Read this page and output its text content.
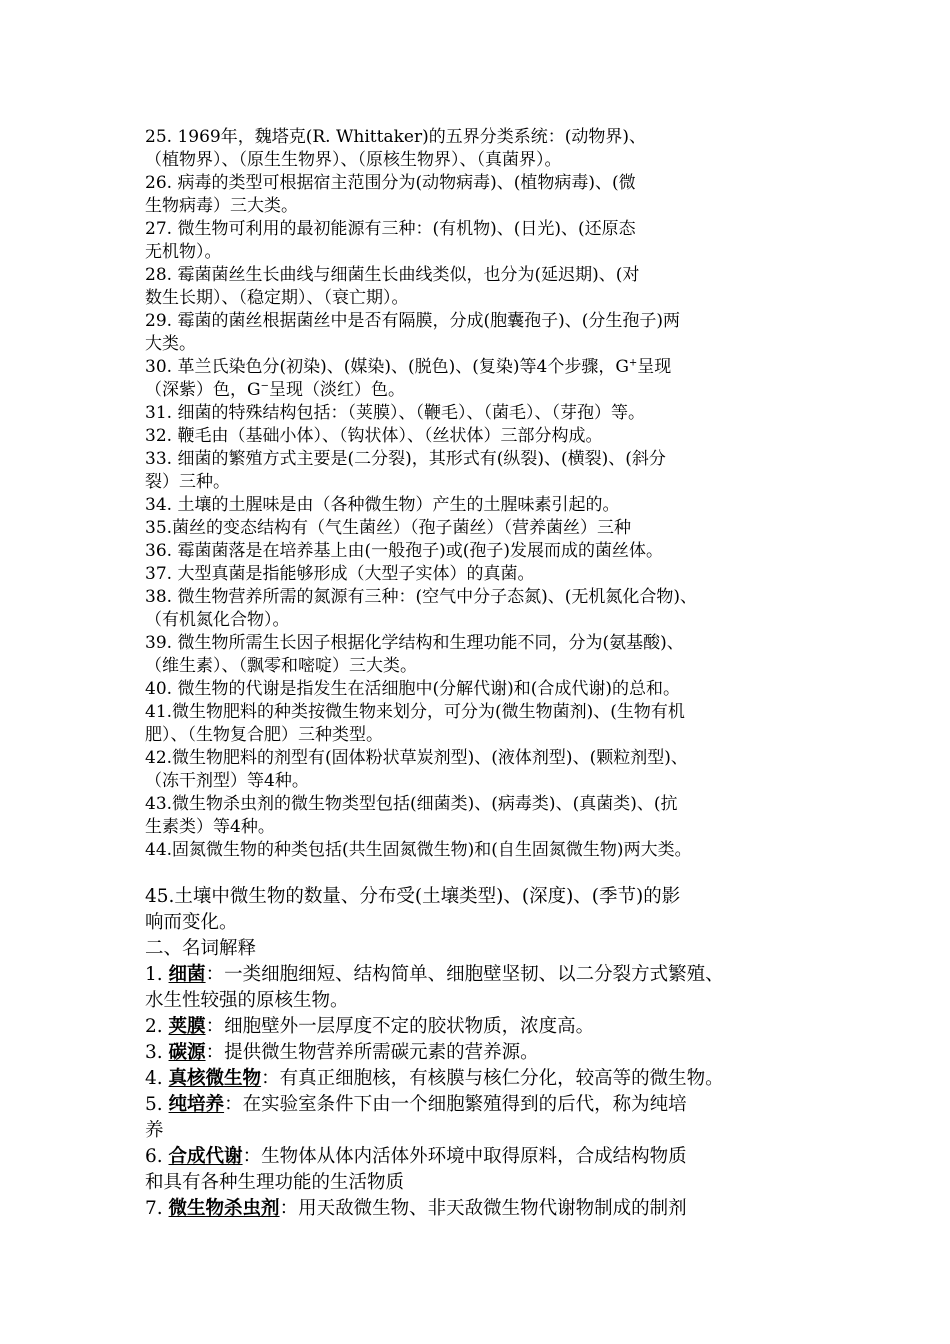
25. 1969年，魏塔克(R. Whittaker)的五界分类系统：(动物界)、
（植物界）、（原生生物界）、（原核生物界）、（真菌界）。
26. 病毒的类型可根据宿主范围分为(动物病毒)、(植物病毒)、(微
生物病毒）三大类。
27. 微生物可利用的最初能源有三种：(有机物)、(日光)、(还原态
无机物）。
28. 霉菌菌丝生长曲线与细菌生长曲线类似，也分为(延迟期)、(对
数生长期）、（稳定期）、（衰亡期）。
29. 霉菌的菌丝根据菌丝中是否有隔膜，分成(胞囊孢子)、(分生孢子)两
大类。
30. 革兰氏染色分(初染)、(媒染)、(脱色)、(复染)等4个步骤，G+呈现
（深紫）色，G−呈现（淡红）色。
31. 细菌的特殊结构包括：（荚膜）、（鞭毛）、（菌毛）、（芽孢）等。
32. 鞭毛由（基础小体）、（钩状体）、（丝状体）三部分构成。
33. 细菌的繁殖方式主要是(二分裂)，其形式有(纵裂)、(横裂)、(斜分
裂）三种。
34. 土壤的土腥味是由（各种微生物）产生的土腥味素引起的。
35.菌丝的变态结构有（气生菌丝）（孢子菌丝）（营养菌丝）三种
36. 霉菌菌落是在培养基上由(一般孢子)或(孢子)发展而成的菌丝体。
37. 大型真菌是指能够形成（大型子实体）的真菌。
38. 微生物营养所需的氮源有三种：(空气中分子态氮)、(无机氮化合物)、
（有机氮化合物）。
39. 微生物所需生长因子根据化学结构和生理功能不同，分为(氨基酸)、
（维生素）、（飘零和嘧啶）三大类。
40. 微生物的代谢是指发生在活细胞中(分解代谢)和(合成代谢)的总和。
41.微生物肥料的种类按微生物来划分，可分为(微生物菌剂)、(生物有机
肥）、（生物复合肥）三种类型。
42.微生物肥料的剂型有(固体粉状草炭剂型)、(液体剂型)、(颗粒剂型)、
（冻干剂型）等4种。
43.微生物杀虫剂的微生物类型包括(细菌类)、(病毒类)、(真菌类)、(抗
生素类）等4种。
44.固氮微生物的种类包括(共生固氮微生物)和(自生固氮微生物)两大类。
45.土壤中微生物的数量、分布受(土壤类型)、(深度)、(季节)的影
响而变化。
二、名词解释
1. 细菌：一类细胞细短、结构简单、细胞壁坚韧、以二分裂方式繁殖、
水生性较强的原核生物。
2. 荚膜：细胞壁外一层厚度不定的胶状物质，浓度高。
3. 碳源：提供微生物营养所需碳元素的营养源。
4. 真核微生物：有真正细胞核，有核膜与核仁分化，较高等的微生物。
5. 纯培养：在实验室条件下由一个细胞繁殖得到的后代，称为纯培
养
6. 合成代谢：生物体从体内活体外环境中取得原料，合成结构物质
和具有各种生理功能的生活物质
7. 微生物杀虫剂：用天敌微生物、非天敌微生物代谢物制成的制剂
